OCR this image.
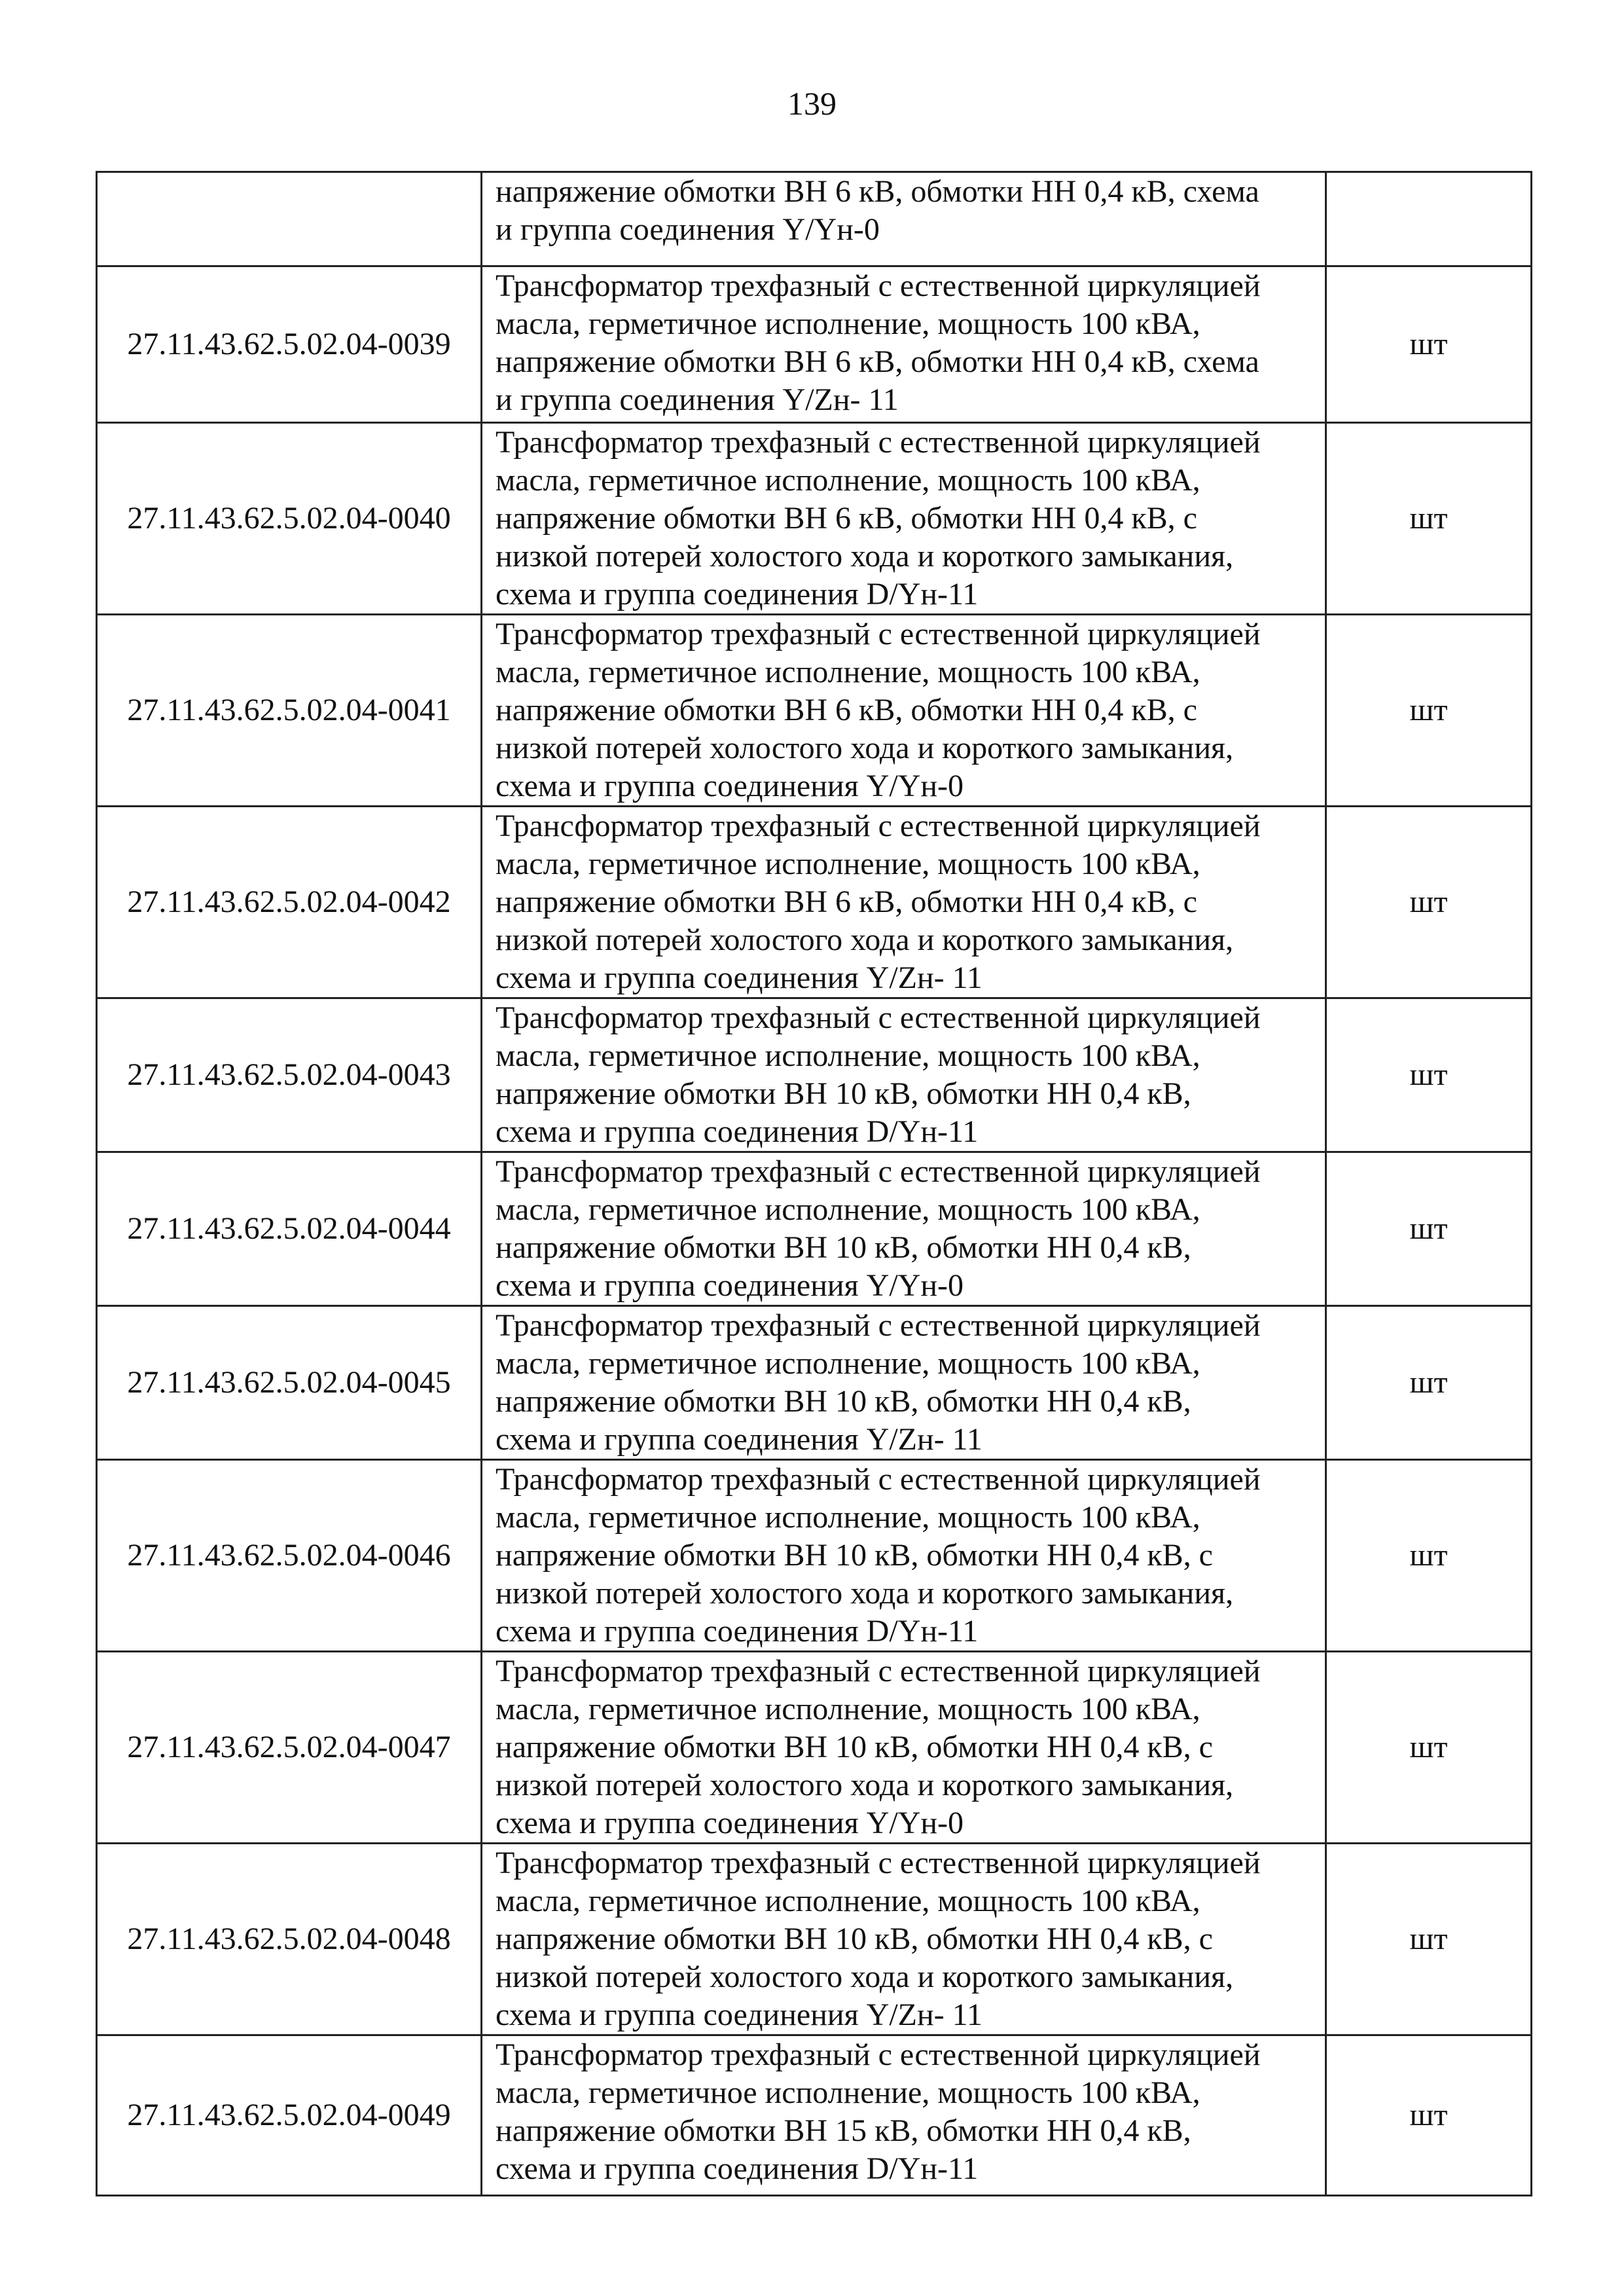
139

	напряжение обмотки ВН 6 кВ, обмотки НН 0,4 кВ, схема
и группа соединения Y/Yн-0	

27.11.43.62.5.02.04-0039	Трансформатор трехфазный с естественной циркуляцией
масла, герметичное исполнение, мощность 100 кВА,
напряжение обмотки ВН 6 кВ, обмотки НН 0,4 кВ, схема
и группа соединения Y/Zн- 11	шт
27.11.43.62.5.02.04-0040	Трансформатор трехфазный с естественной циркуляцией
масла, герметичное исполнение, мощность 100 кВА,
напряжение обмотки ВН 6 кВ, обмотки НН 0,4 кВ, с
низкой потерей холостого хода и короткого замыкания,
схема и группа соединения D/Yн-11	шт
27.11.43.62.5.02.04-0041	Трансформатор трехфазный с естественной циркуляцией
масла, герметичное исполнение, мощность 100 кВА,
напряжение обмотки ВН 6 кВ, обмотки НН 0,4 кВ, с
низкой потерей холостого хода и короткого замыкания,
схема и группа соединения Y/Yн-0	шт
27.11.43.62.5.02.04-0042	Трансформатор трехфазный с естественной циркуляцией
масла, герметичное исполнение, мощность 100 кВА,
напряжение обмотки ВН 6 кВ, обмотки НН 0,4 кВ, с
низкой потерей холостого хода и короткого замыкания,
схема и группа соединения Y/Zн- 11	шт
27.11.43.62.5.02.04-0043	Трансформатор трехфазный с естественной циркуляцией
масла, герметичное исполнение, мощность 100 кВА,
напряжение обмотки ВН 10 кВ, обмотки НН 0,4 кВ,
схема и группа соединения D/Yн-11	шт
27.11.43.62.5.02.04-0044	Трансформатор трехфазный с естественной циркуляцией
масла, герметичное исполнение, мощность 100 кВА,
напряжение обмотки ВН 10 кВ, обмотки НН 0,4 кВ,
схема и группа соединения Y/Yн-0	шт
27.11.43.62.5.02.04-0045	Трансформатор трехфазный с естественной циркуляцией
масла, герметичное исполнение, мощность 100 кВА,
напряжение обмотки ВН 10 кВ, обмотки НН 0,4 кВ,
схема и группа соединения Y/Zн- 11	шт
27.11.43.62.5.02.04-0046	Трансформатор трехфазный с естественной циркуляцией
масла, герметичное исполнение, мощность 100 кВА,
напряжение обмотки ВН 10 кВ, обмотки НН 0,4 кВ, с
низкой потерей холостого хода и короткого замыкания,
схема и группа соединения D/Yн-11	шт
27.11.43.62.5.02.04-0047	Трансформатор трехфазный с естественной циркуляцией
масла, герметичное исполнение, мощность 100 кВА,
напряжение обмотки ВН 10 кВ, обмотки НН 0,4 кВ, с
низкой потерей холостого хода и короткого замыкания,
схема и группа соединения Y/Yн-0	шт
27.11.43.62.5.02.04-0048	Трансформатор трехфазный с естественной циркуляцией
масла, герметичное исполнение, мощность 100 кВА,
напряжение обмотки ВН 10 кВ, обмотки НН 0,4 кВ, с
низкой потерей холостого хода и короткого замыкания,
схема и группа соединения Y/Zн- 11	шт
27.11.43.62.5.02.04-0049	Трансформатор трехфазный с естественной циркуляцией
масла, герметичное исполнение, мощность 100 кВА,
напряжение обмотки ВН 15 кВ, обмотки НН 0,4 кВ,
схема и группа соединения D/Yн-11	шт
